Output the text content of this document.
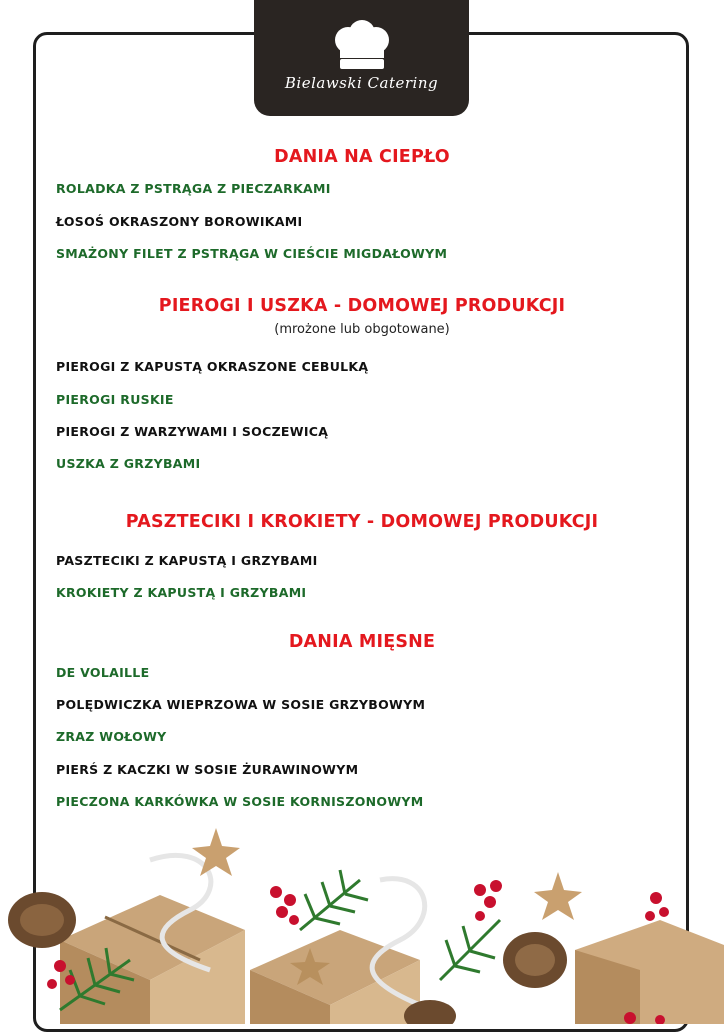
Bielawski Catering
DANIA NA CIEPŁO
ROLADKA Z PSTRĄGA Z PIECZARKAMI
ŁOSOŚ OKRASZONY BOROWIKAMI
SMAŻONY FILET Z PSTRĄGA W CIEŚCIE MIGDAŁOWYM
PIEROGI I USZKA - DOMOWEJ PRODUKCJI
(mrożone lub obgotowane)
PIEROGI Z KAPUSTĄ OKRASZONE CEBULKĄ
PIEROGI RUSKIE
PIEROGI Z WARZYWAMI I SOCZEWICĄ
USZKA Z GRZYBAMI
PASZTECIKI I KROKIETY - DOMOWEJ PRODUKCJI
PASZTECIKI Z KAPUSTĄ I GRZYBAMI
KROKIETY Z KAPUSTĄ I GRZYBAMI
DANIA MIĘSNE
DE VOLAILLE
POLĘDWICZKA WIEPRZOWA W SOSIE GRZYBOWYM
ZRAZ WOŁOWY
PIERŚ Z KACZKI W SOSIE ŻURAWINOWYM
PIECZONA KARKÓWKA W SOSIE KORNISZONOWYM
